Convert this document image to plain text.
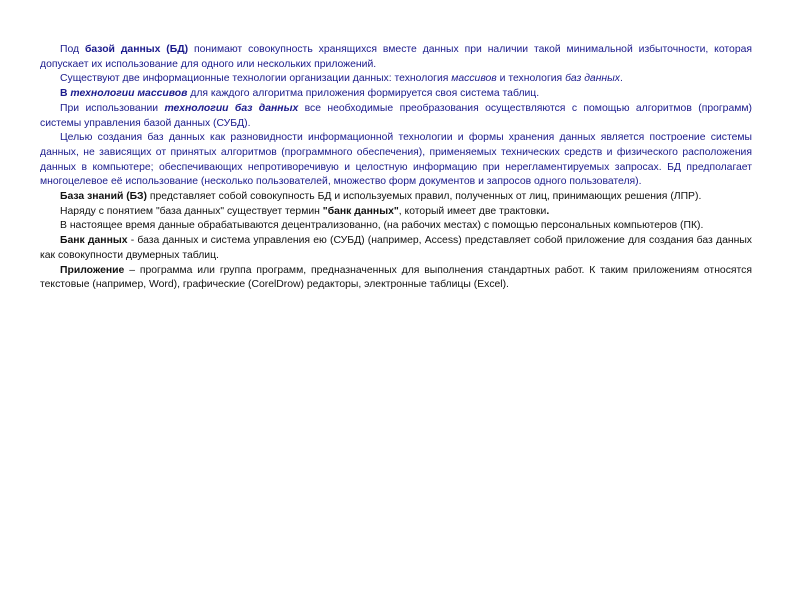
Под базой данных (БД) понимают совокупность хранящихся вместе данных при наличии такой минимальной избыточности, которая допускает их использование для одного или нескольких приложений.

Существуют две информационные технологии организации данных: технология массивов и технология баз данных.

В технологии массивов для каждого алгоритма приложения формируется своя система таблиц.

При использовании технологии баз данных все необходимые преобразования осуществляются с помощью алгоритмов (программ) системы управления базой данных (СУБД).

Целью создания баз данных как разновидности информационной технологии и формы хранения данных является построение системы данных, не зависящих от принятых алгоритмов (программного обеспечения), применяемых технических средств и физического расположения данных в компьютере; обеспечивающих непротиворечивую и целостную информацию при нерегламентируемых запросах. БД предполагает многоцелевое её использование (несколько пользователей, множество форм документов и запросов одного пользователя).

База знаний (БЗ) представляет собой совокупность БД и используемых правил, полученных от лиц, принимающих решения (ЛПР).

Наряду с понятием "база данных" существует термин "банк данных", который имеет две трактовки.

В настоящее время данные обрабатываются децентрализованно, (на рабочих местах) с помощью персональных компьютеров (ПК).

Банк данных - база данных и система управления ею (СУБД) (например, Access) представляет собой приложение для создания баз данных как совокупности двумерных таблиц.

Приложение – программа или группа программ, предназначенных для выполнения стандартных работ. К таким приложениям относятся текстовые (например, Word), графические (CorelDrow) редакторы, электронные таблицы (Excel).
